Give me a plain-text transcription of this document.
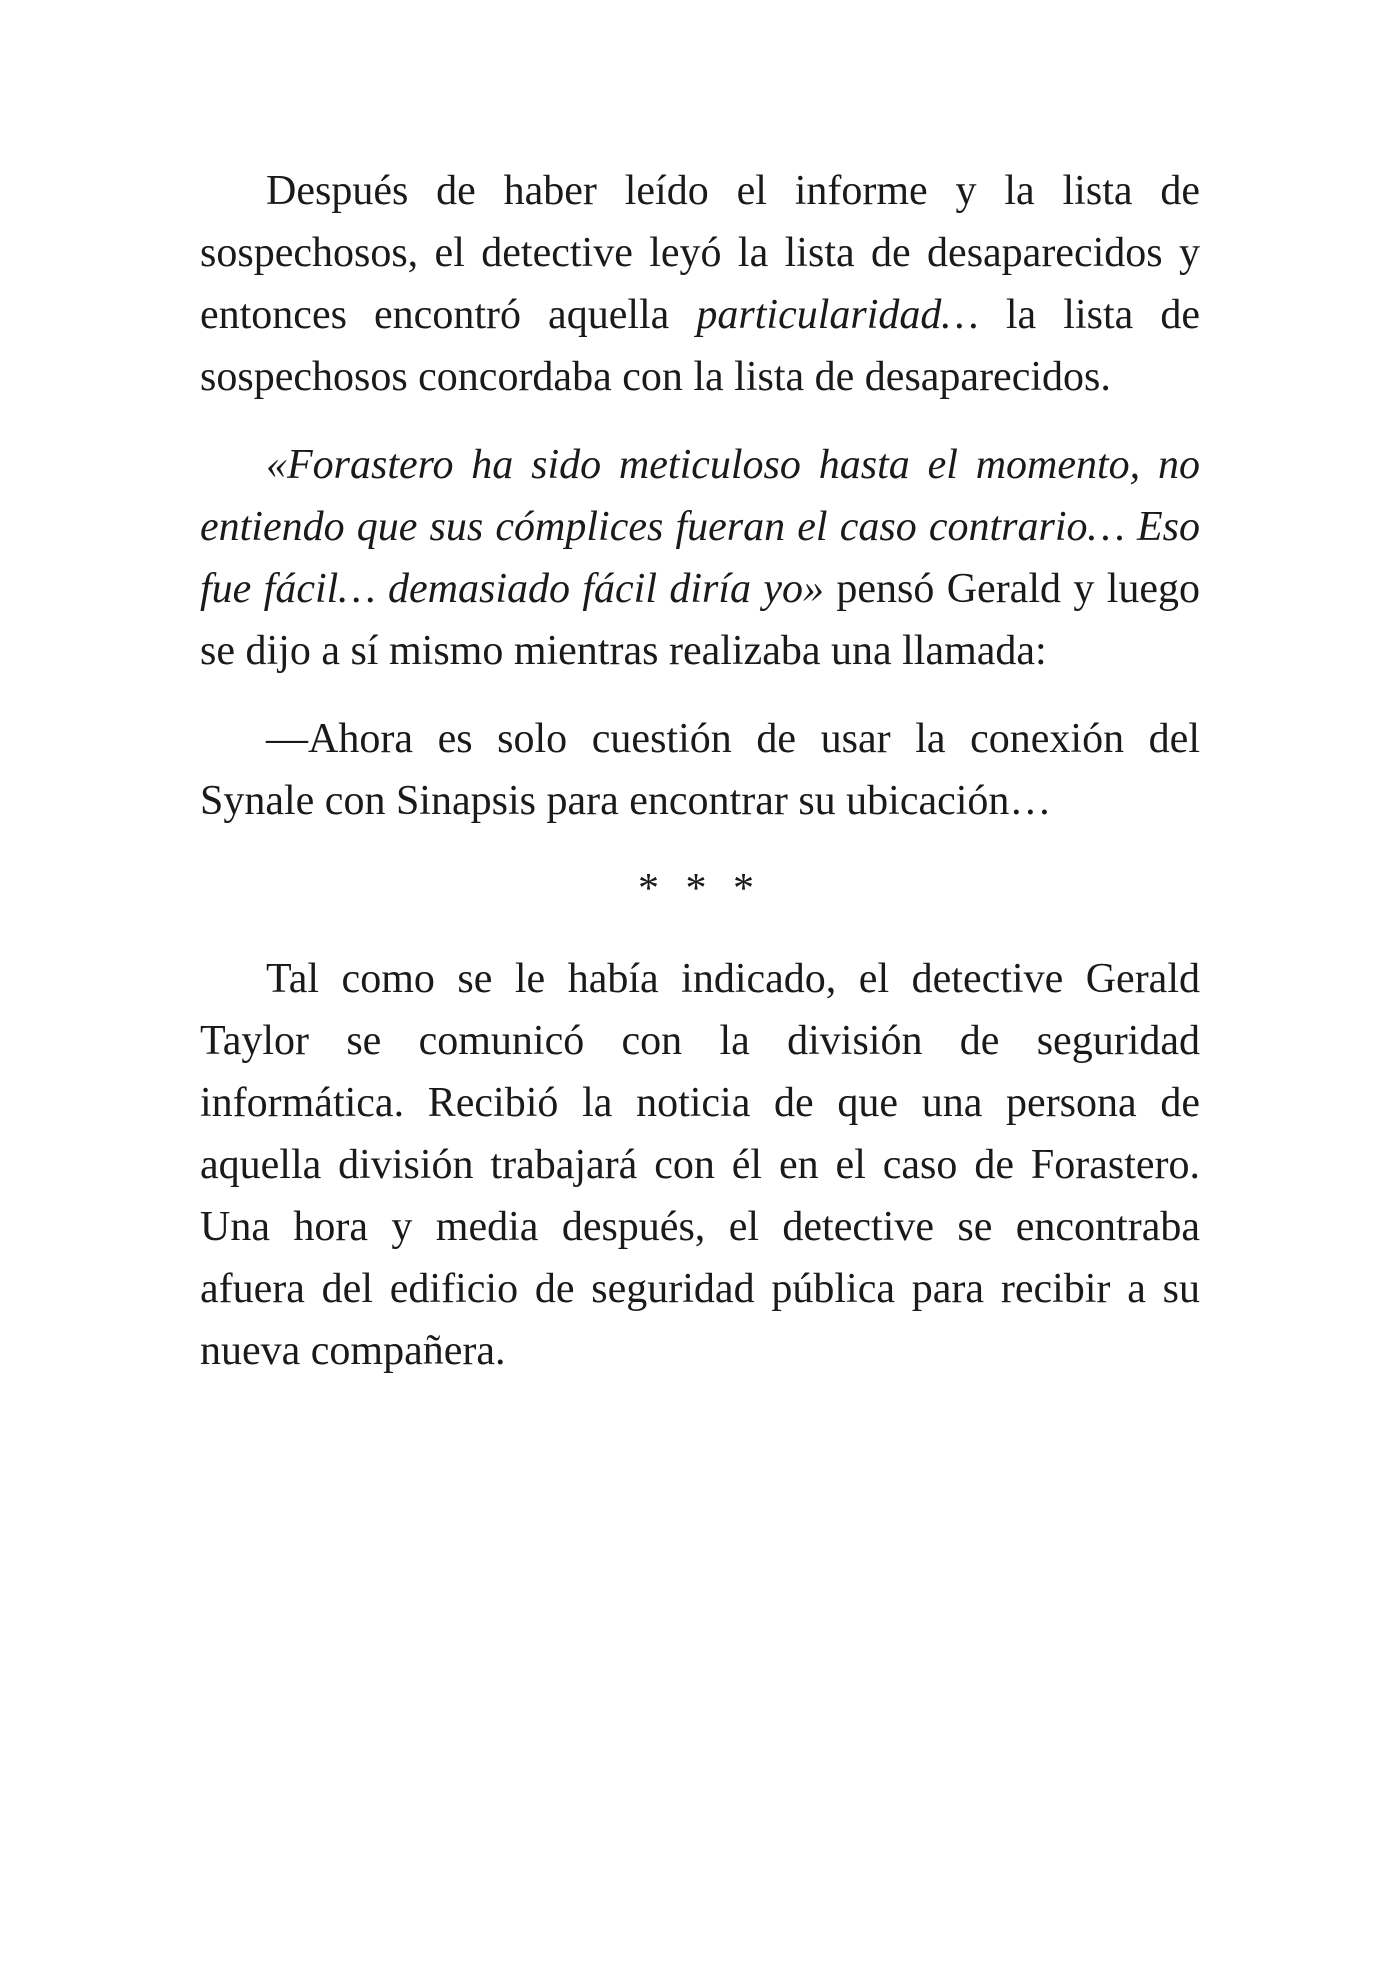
Después de haber leído el informe y la lista de sospechosos, el detective leyó la lista de desaparecidos y entonces encontró aquella particularidad… la lista de sospechosos concordaba con la lista de desaparecidos.

«Forastero ha sido meticuloso hasta el momento, no entiendo que sus cómplices fueran el caso contrario… Eso fue fácil… demasiado fácil diría yo» pensó Gerald y luego se dijo a sí mismo mientras realizaba una llamada:

—Ahora es solo cuestión de usar la conexión del Synale con Sinapsis para encontrar su ubicación…

* * *

Tal como se le había indicado, el detective Gerald Taylor se comunicó con la división de seguridad informática. Recibió la noticia de que una persona de aquella división trabajará con él en el caso de Forastero. Una hora y media después, el detective se encontraba afuera del edificio de seguridad pública para recibir a su nueva compañera.
